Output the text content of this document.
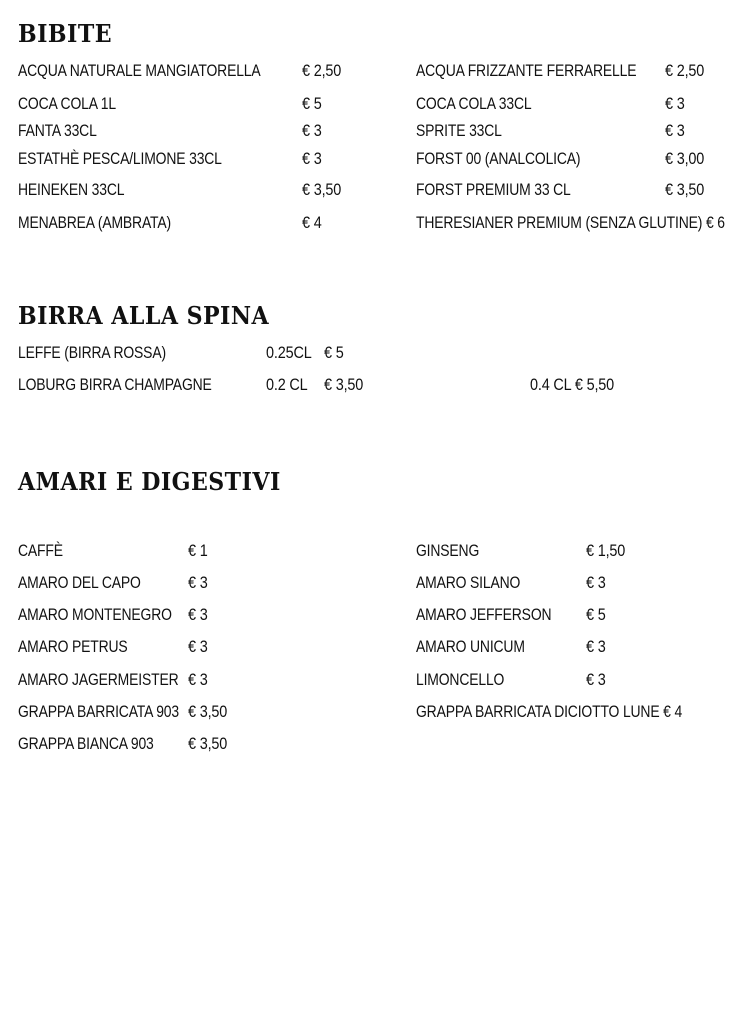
BIBITE
ACQUA NATURALE MANGIATORELLA € 2,50
COCA COLA 1L	€ 5
FANTA 33CL	€ 3
ESTATHÈ PESCA/LIMONE 33CL	€ 3
HEINEKEN 33CL	€ 3,50
MENABREA (AMBRATA)	€ 4
ACQUA FRIZZANTE FERRARELLE € 2,50
COCA COLA 33CL	€ 3
SPRITE 33CL	€ 3
FORST 00 (ANALCOLICA)	€ 3,00
FORST PREMIUM 33 CL	€ 3,50
THERESIANER PREMIUM (SENZA GLUTINE) € 6
BIRRA ALLA SPINA
LEFFE (BIRRA ROSSA)	0.25CL € 5
LOBURG BIRRA CHAMPAGNE	0.2 CL € 3,50	0.4 CL € 5,50
AMARI E DIGESTIVI
CAFFÈ	€ 1
AMARO DEL CAPO	€ 3
AMARO MONTENEGRO € 3
AMARO PETRUS	€ 3
AMARO JAGERMEISTER € 3
GRAPPA BARRICATA 903 € 3,50
GRAPPA BIANCA 903 € 3,50
GINSENG	€ 1,50
AMARO SILANO	€ 3
AMARO JEFFERSON € 5
AMARO UNICUM	€ 3
LIMONCELLO	€ 3
GRAPPA BARRICATA DICIOTTO LUNE € 4
